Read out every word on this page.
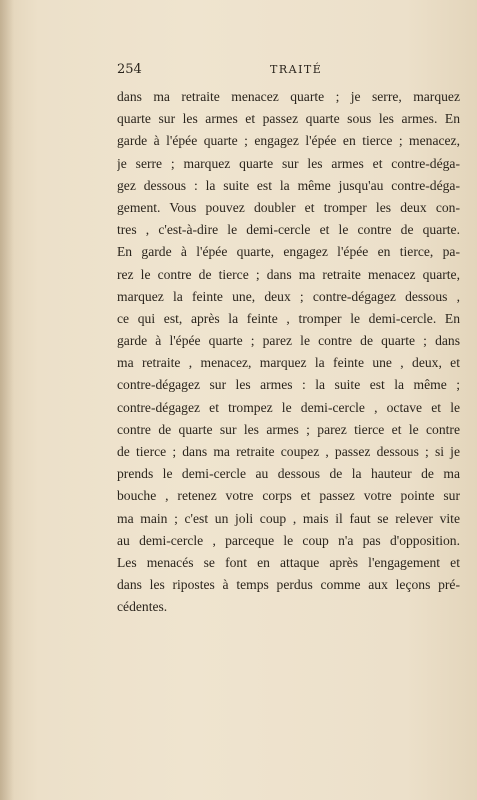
254	TRAITÉ
dans ma retraite menacez quarte ; je serre, marquez
quarte sur les armes et passez quarte sous les armes. En
garde à l'épée quarte ; engagez l'épée en tierce ; menacez,
je serre ; marquez quarte sur les armes et contre-déga-
gez dessous : la suite est la même jusqu'au contre-déga-
gement. Vous pouvez doubler et tromper les deux con-
tres , c'est-à-dire le demi-cercle et le contre de quarte.
En garde à l'épée quarte, engagez l'épée en tierce, pa-
rez le contre de tierce ; dans ma retraite menacez quarte,
marquez la feinte une, deux ; contre-dégagez dessous ,
ce qui est, après la feinte , tromper le demi-cercle. En
garde à l'épée quarte ; parez le contre de quarte ; dans
ma retraite , menacez, marquez la feinte une , deux, et
contre-dégagez sur les armes : la suite est la même ;
contre-dégagez et trompez le demi-cercle , octave et le
contre de quarte sur les armes ; parez tierce et le contre
de tierce ; dans ma retraite coupez , passez dessous ; si je
prends le demi-cercle au dessous de la hauteur de ma
bouche , retenez votre corps et passez votre pointe sur
ma main ; c'est un joli coup , mais il faut se relever vite
au demi-cercle , parceque le coup n'a pas d'opposition.
Les menacés se font en attaque après l'engagement et
dans les ripostes à temps perdus comme aux leçons pré-
cédentes.
